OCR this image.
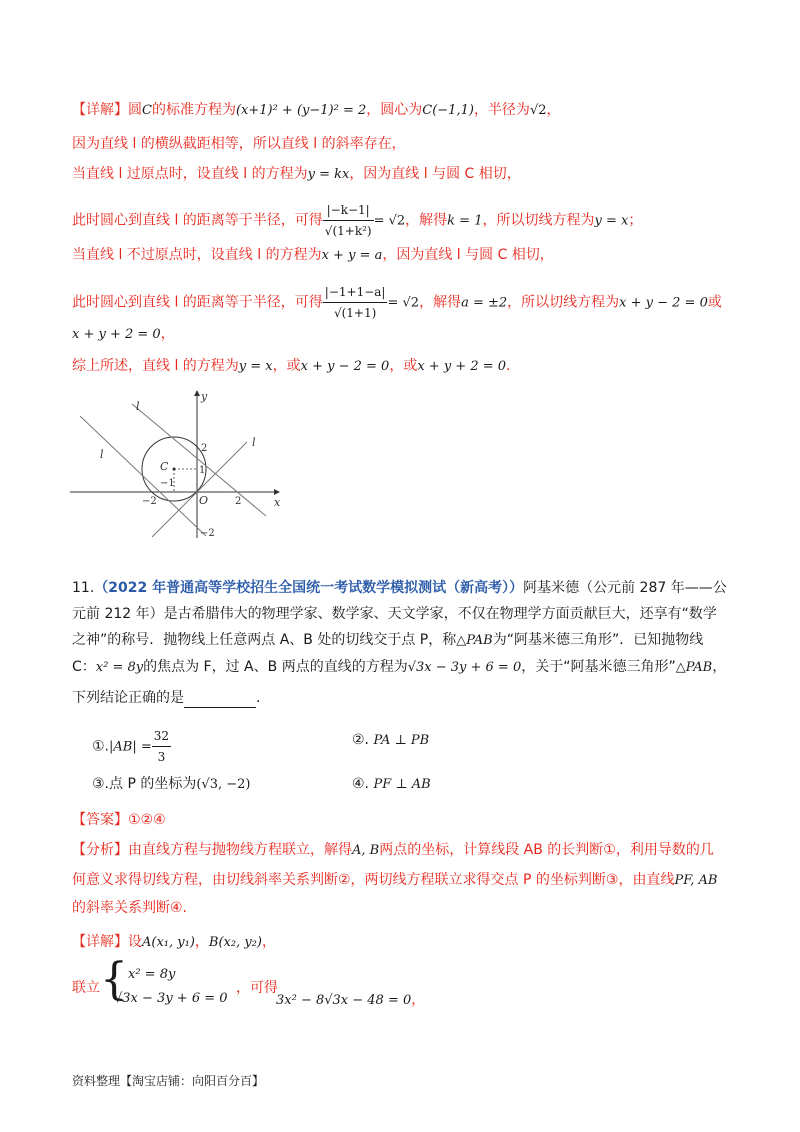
【详解】圆C的标准方程为(x+1)² + (y−1)² = 2，圆心为C(−1,1)，半径为√2，
因为直线 l 的横纵截距相等，所以直线 l 的斜率存在，
当直线 l 过原点时，设直线 l 的方程为y = kx，因为直线 l 与圆 C 相切，
此时圆心到直线 l 的距离等于半径，可得 $\frac{|-k-1|}{\text{√(1+k²)}} = √2$，解得k = 1，所以切线方程为y = x；
当直线 l 不过原点时，设直线 l 的方程为x + y = a，因为直线 l 与圆 C 相切，
此时圆心到直线 l 的距离等于半径，可得 $\frac{|-1+1-a|}{√(1+1)} = √2$，解得a = ±2，所以切线方程为x + y − 2 = 0或
x + y + 2 = 0，
综上所述，直线 l 的方程为y = x，或x + y − 2 = 0，或x + y + 2 = 0.
y
x
O
C
−2
−1
2
2
1
−2
l
l
l
11.（2022 年普通高等学校招生全国统一考试数学模拟测试（新高考））阿基米德（公元前 287 年——公
元前 212 年）是古希腊伟大的物理学家、数学家、天文学家，不仅在物理学方面贡献巨大，还享有“数学
之神”的称号．抛物线上任意两点 A、B 处的切线交于点 P，称△PAB为“阿基米德三角形”．已知抛物线
C：x² = 8y的焦点为 F，过 A、B 两点的直线的方程为√3x − 3y + 6 = 0，关于“阿基米德三角形”△PAB，
下列结论正确的是	.
①.|AB| = $\frac{32}{3}$	②. PA ⊥ PB
③.点 P 的坐标为(√3, −2)	④. PF ⊥ AB
【答案】①②④
【分析】由直线方程与抛物线方程联立，解得A, B两点的坐标，计算线段 AB 的长判断①，利用导数的几
何意义求得切线方程，由切线斜率关系判断②，两切线方程联立求得交点 P 的坐标判断③，由直线PF, AB
的斜率关系判断④.
【详解】设A(x₁, y₁)，B(x₂, y₂)，
联立 { x² = 8y
√3x − 3y + 6 = 0
，可得
3x² − 8√3x − 48 = 0，
资料整理【淘宝店铺：向阳百分百】
